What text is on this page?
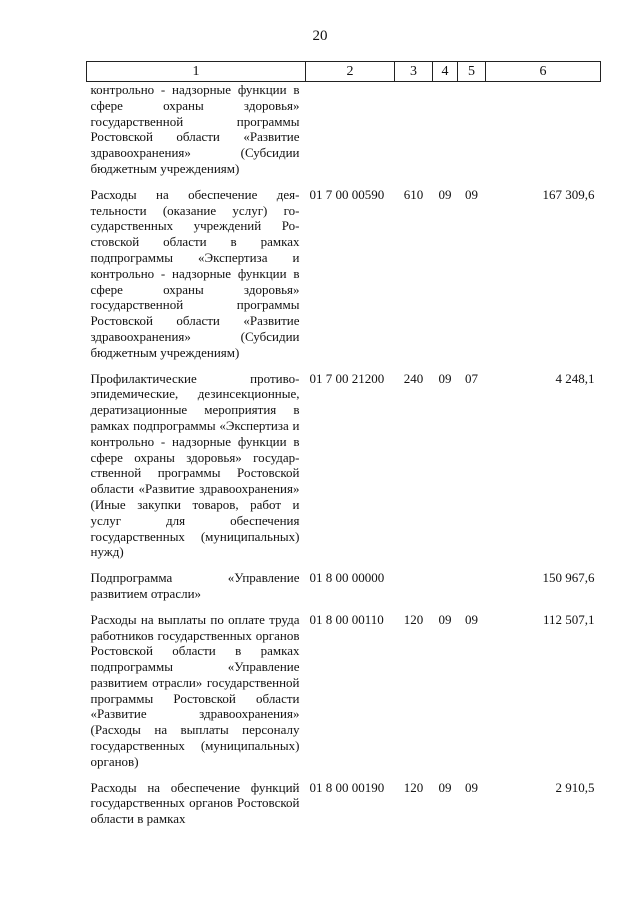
20
1	2	3	4	5	6
контрольно - надзорные функции в сфере охраны здоровья» государственной программы Ростовской области «Развитие здравоохранения» (Субсидии бюджетным учреждениям)					
Расходы на обеспечение деятельности (оказание услуг) государственных учреждений Ростовской области в рамках подпрограммы «Экспертиза и контрольно - надзорные функции в сфере охраны здоровья» государственной программы Ростовской области «Развитие здравоохранения» (Субсидии бюджетным учреждениям)	01 7 00 00590	610	09	09	167 309,6
Профилактические противоэпидемические, дезинсекционные, дератизационные мероприятия в рамках подпрограммы «Экспертиза и контрольно - надзорные функции в сфере охраны здоровья» государственной программы Ростовской области «Развитие здравоохранения» (Иные закупки товаров, работ и услуг для обеспечения государственных (муниципальных) нужд)	01 7 00 21200	240	09	07	4 248,1
Подпрограмма «Управление развитием отрасли»	01 8 00 00000				150 967,6
Расходы на выплаты по оплате труда работников государственных органов Ростовской области в рамках подпрограммы «Управление развитием отрасли» государственной программы Ростовской области «Развитие здравоохранения» (Расходы на выплаты персоналу государственных (муниципальных) органов)	01 8 00 00110	120	09	09	112 507,1
Расходы на обеспечение функций государственных органов Ростовской области в рамках	01 8 00 00190	120	09	09	2 910,5
